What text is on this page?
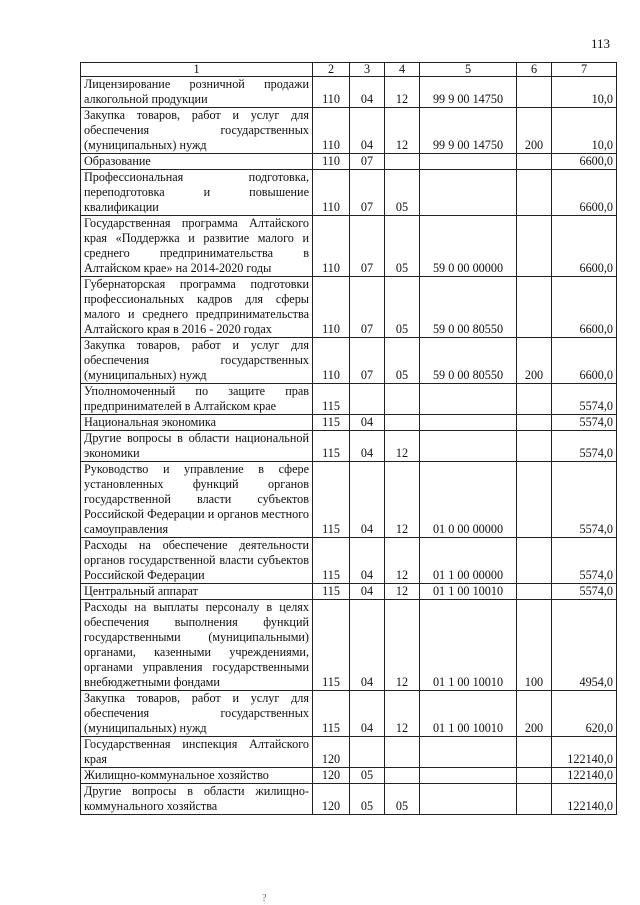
113
1	2	3	4	5	6	7
Лицензирование розничной продажи алкогольной продукции	110	04	12	99 9 00 14750		10,0
Закупка товаров, работ и услуг для обеспечения государственных (муниципальных) нужд	110	04	12	99 9 00 14750	200	10,0
Образование	110	07				6600,0
Профессиональная подготовка, переподготовка и повышение квалификации	110	07	05			6600,0
Государственная программа Алтайского края «Поддержка и развитие малого и среднего предпринимательства в Алтайском крае» на 2014-2020 годы	110	07	05	59 0 00 00000		6600,0
Губернаторская программа подготовки профессиональных кадров для сферы малого и среднего предпринимательства Алтайского края в 2016 - 2020 годах	110	07	05	59 0 00 80550		6600,0
Закупка товаров, работ и услуг для обеспечения государственных (муниципальных) нужд	110	07	05	59 0 00 80550	200	6600,0
Уполномоченный по защите прав предпринимателей в Алтайском крае	115					5574,0
Национальная экономика	115	04				5574,0
Другие вопросы в области национальной экономики	115	04	12			5574,0
Руководство и управление в сфере установленных функций органов государственной власти субъектов Российской Федерации и органов местного самоуправления	115	04	12	01 0 00 00000		5574,0
Расходы на обеспечение деятельности органов государственной власти субъектов Российской Федерации	115	04	12	01 1 00 00000		5574,0
Центральный аппарат	115	04	12	01 1 00 10010		5574,0
Расходы на выплаты персоналу в целях обеспечения выполнения функций государственными (муниципальными) органами, казенными учреждениями, органами управления государственными внебюджетными фондами	115	04	12	01 1 00 10010	100	4954,0
Закупка товаров, работ и услуг для обеспечения государственных (муниципальных) нужд	115	04	12	01 1 00 10010	200	620,0
Государственная инспекция Алтайского края	120					122140,0
Жилищно-коммунальное хозяйство	120	05				122140,0
Другие вопросы в области жилищно-коммунального хозяйства	120	05	05			122140,0
?
